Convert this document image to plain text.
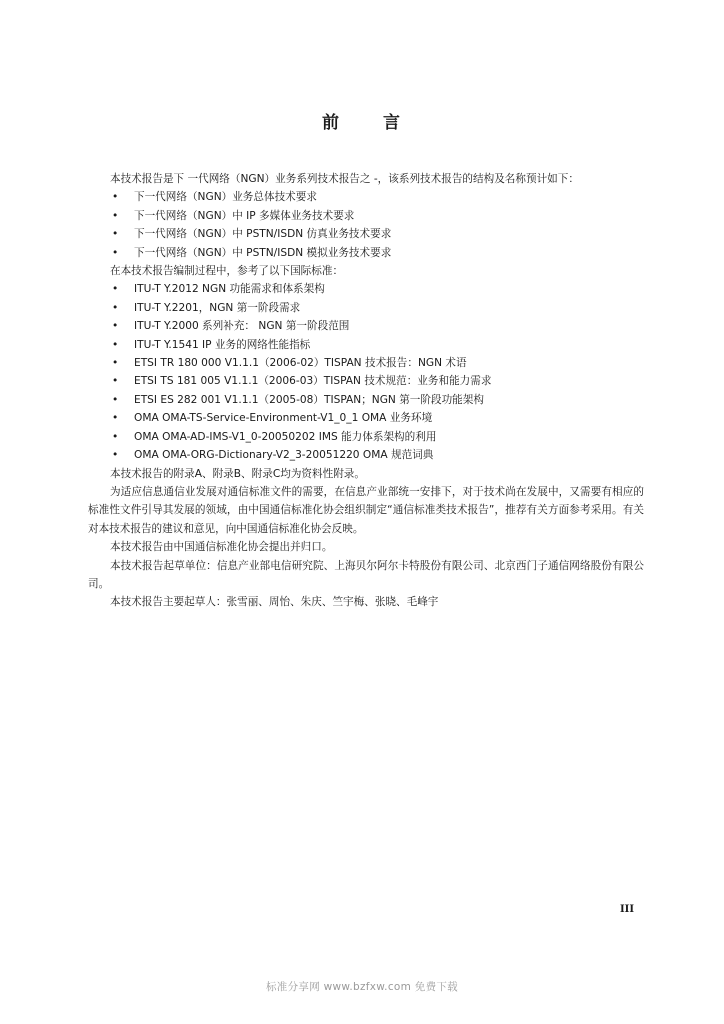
前 言

本技术报告是下 一代网络（NGN）业务系列技术报告之 -，该系列技术报告的结构及名称预计如下：

•	下一代网络（NGN）业务总体技术要求
•	下一代网络（NGN）中 IP 多媒体业务技术要求
•	下一代网络（NGN）中 PSTN/ISDN 仿真业务技术要求
•	下一代网络（NGN）中 PSTN/ISDN 模拟业务技术要求

在本技术报告编制过程中，参考了以下国际标准：

•	ITU-T Y.2012 NGN 功能需求和体系架构
•	ITU-T Y.2201，NGN 第一阶段需求
•	ITU-T Y.2000 系列补充： NGN 第一阶段范围
•	ITU-T Y.1541 IP 业务的网络性能指标
•	ETSI TR 180 000 V1.1.1（2006-02）TISPAN 技术报告：NGN 术语
•	ETSI TS 181 005 V1.1.1（2006-03）TISPAN 技术规范：业务和能力需求
•	ETSI ES 282 001 V1.1.1（2005-08）TISPAN；NGN 第一阶段功能架构
•	OMA OMA-TS-Service-Environment-V1_0_1 OMA 业务环境
•	OMA OMA-AD-IMS-V1_0-20050202 IMS 能力体系架构的利用
•	OMA OMA-ORG-Dictionary-V2_3-20051220 OMA 规范词典

本技术报告的附录A、附录B、附录C均为资料性附录。

为适应信息通信业发展对通信标准文件的需要，在信息产业部统一安排下，对于技术尚在发展中，又需要有相应的标准性文件引导其发展的领域，由中国通信标准化协会组织制定“通信标准类技术报告”，推荐有关方面参考采用。有关对本技术报告的建议和意见，向中国通信标准化协会反映。

本技术报告由中国通信标准化协会提出并归口。

本技术报告起草单位：信息产业部电信研究院、上海贝尔阿尔卡特股份有限公司、北京西门子通信网络股份有限公司。

本技术报告主要起草人：张雪丽、周怡、朱庆、竺宇梅、张晓、毛峰宇

III
标准分享网 www.bzfxw.com 免费下载
